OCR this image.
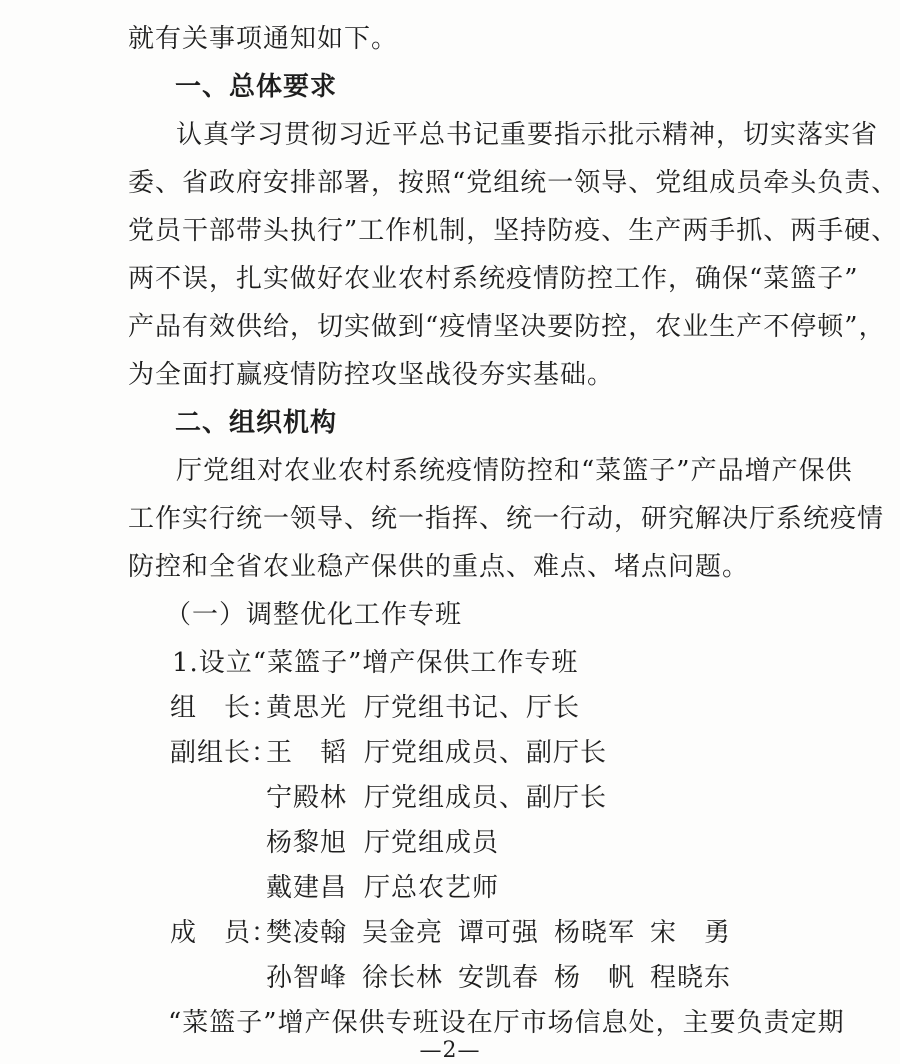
就有关事项通知如下。
一、总体要求
认真学习贯彻习近平总书记重要指示批示精神，切实落实省
委、省政府安排部署，按照“党组统一领导、党组成员牵头负责、
党员干部带头执行”工作机制，坚持防疫、生产两手抓、两手硬、
两不误，扎实做好农业农村系统疫情防控工作，确保“菜篮子”
产品有效供给，切实做到“疫情坚决要防控，农业生产不停顿”，
为全面打赢疫情防控攻坚战役夯实基础。
二、组织机构
厅党组对农业农村系统疫情防控和“菜篮子”产品增产保供
工作实行统一领导、统一指挥、统一行动，研究解决厅系统疫情
防控和全省农业稳产保供的重点、难点、堵点问题。
（一）调整优化工作专班
1.设立“菜篮子”增产保供工作专班
组　长：
黄思光 厅党组书记、厅长
副组长：
王　韬 厅党组成员、副厅长
宁殿林 厅党组成员、副厅长
杨黎旭 厅党组成员
戴建昌 厅总农艺师
成　员：
樊凌翰 吴金亮 谭可强 杨晓军 宋　勇
孙智峰 徐长林 安凯春 杨　帆 程晓东
“菜篮子”增产保供专班设在厅市场信息处，主要负责定期
—2—
